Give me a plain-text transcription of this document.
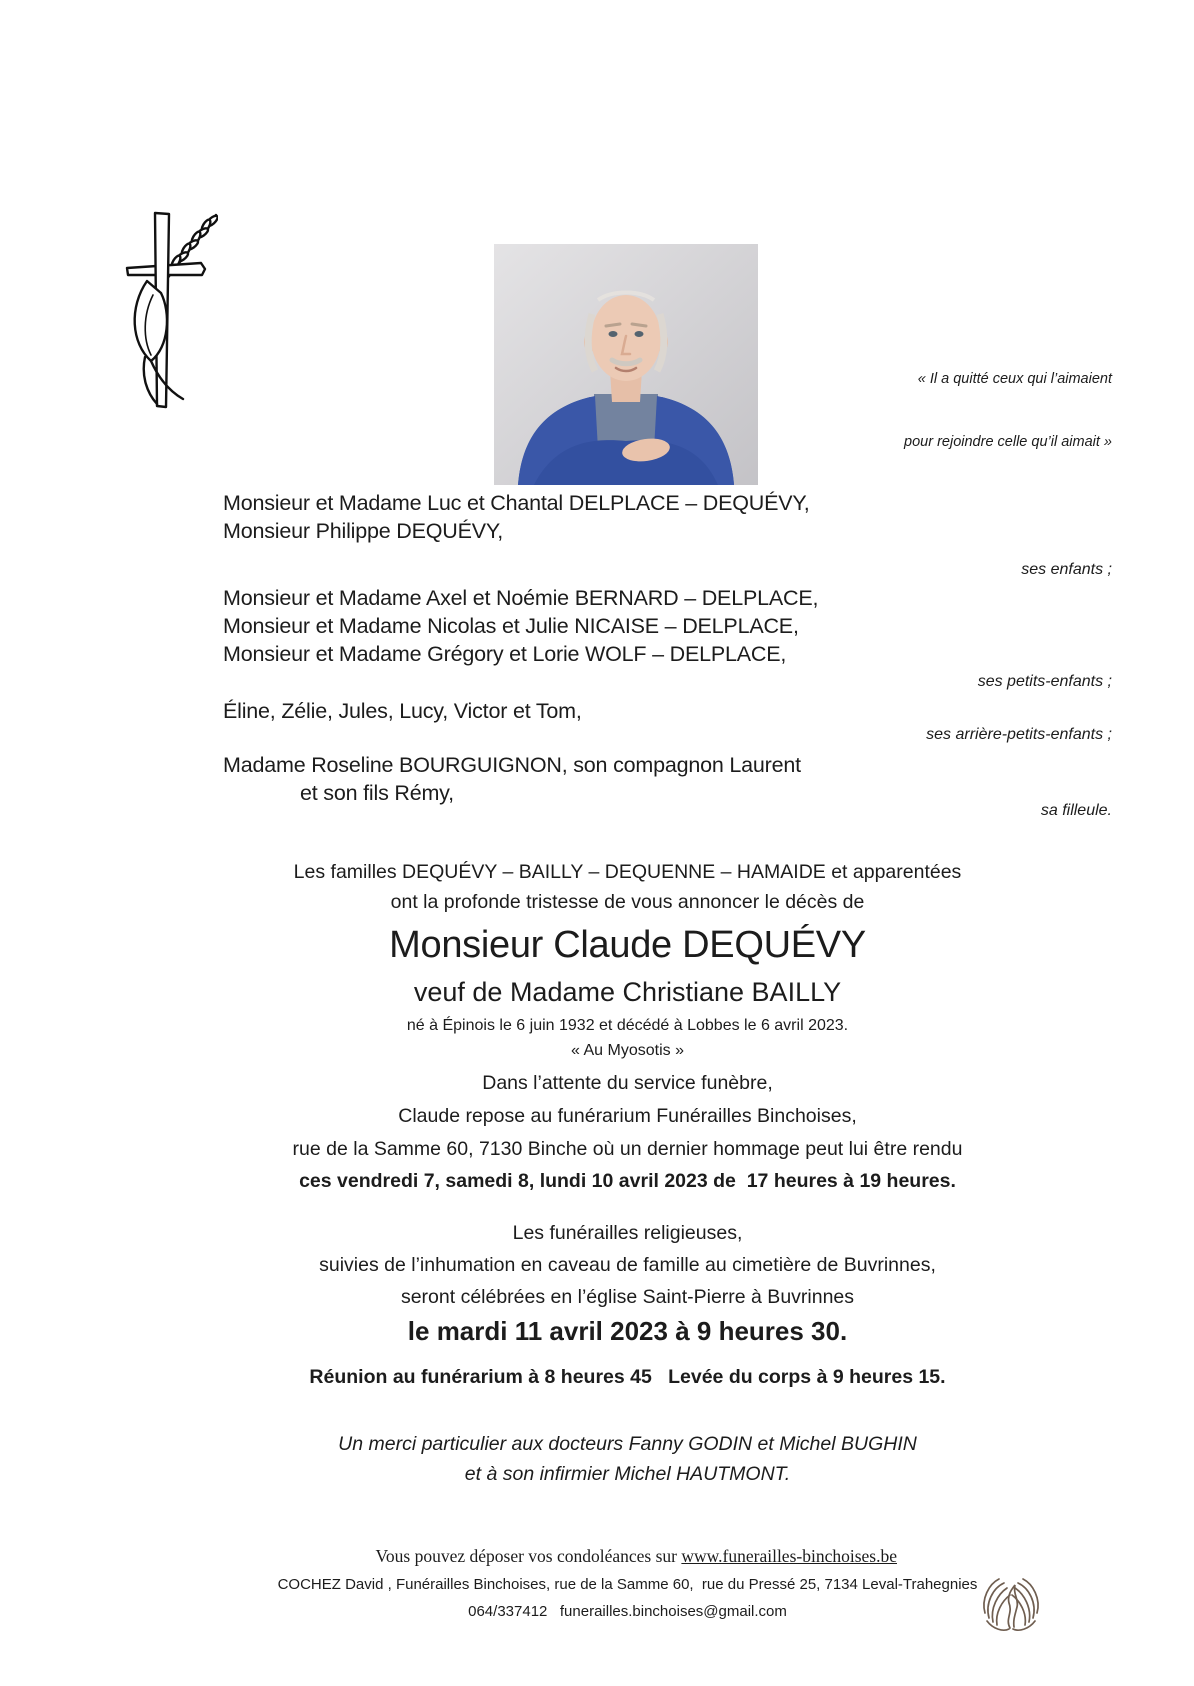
« Il a quitté ceux qui l’aimaient

pour rejoindre celle qu’il aimait »

Monsieur et Madame Luc et Chantal DELPLACE – DEQUÉVY,
Monsieur Philippe DEQUÉVY,
ses enfants ;
Monsieur et Madame Axel et Noémie BERNARD – DELPLACE,
Monsieur et Madame Nicolas et Julie NICAISE – DELPLACE,
Monsieur et Madame Grégory et Lorie WOLF – DELPLACE,
ses petits-enfants ;
Éline, Zélie, Jules, Lucy, Victor et Tom,
ses arrière-petits-enfants ;
Madame Roseline BOURGUIGNON, son compagnon Laurent
et son fils Rémy,
sa filleule.
Les familles DEQUÉVY – BAILLY – DEQUENNE – HAMAIDE et apparentées
ont la profonde tristesse de vous annoncer le décès de
Monsieur Claude DEQUÉVY
veuf de Madame Christiane BAILLY
né à Épinois le 6 juin 1932 et décédé à Lobbes le 6 avril 2023.
« Au Myosotis »
Dans l’attente du service funèbre,
Claude repose au funérarium Funérailles Binchoises,
rue de la Samme 60, 7130 Binche où un dernier hommage peut lui être rendu
ces vendredi 7, samedi 8, lundi 10 avril 2023 de  17 heures à 19 heures.
Les funérailles religieuses,
suivies de l’inhumation en caveau de famille au cimetière de Buvrinnes,
seront célébrées en l’église Saint-Pierre à Buvrinnes
le mardi 11 avril 2023 à 9 heures 30.
Réunion au funérarium à 8 heures 45   Levée du corps à 9 heures 15.
Un merci particulier aux docteurs Fanny GODIN et Michel BUGHIN
et à son infirmier Michel HAUTMONT.

Vous pouvez déposer vos condoléances sur www.funerailles-binchoises.be

COCHEZ David , Funérailles Binchoises, rue de la Samme 60,  rue du Pressé 25, 7134 Leval-Trahegnies
064/337412   funerailles.binchoises@gmail.com
